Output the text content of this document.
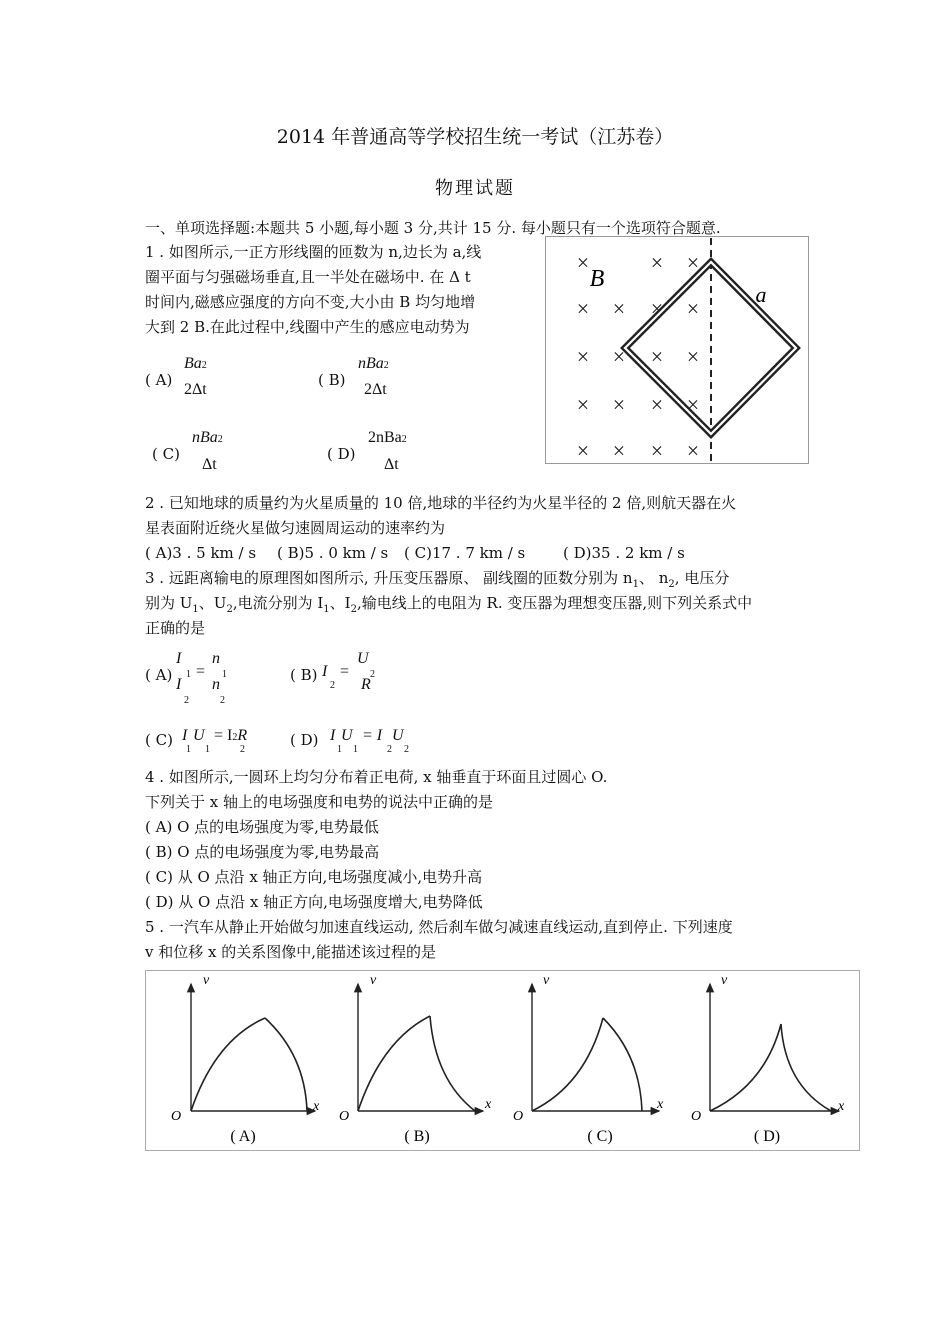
2014 年普通高等学校招生统一考试（江苏卷）
物理试题
一、单项选择题:本题共 5 小题,每小题 3 分,共计 15 分. 每小题只有一个选项符合题意.
1 . 如图所示,一正方形线圈的匝数为 n,边长为 a,线
圈平面与匀强磁场垂直,且一半处在磁场中. 在 Δ t
时间内,磁感应强度的方向不变,大小由 B 均匀地增
大到 2 B.在此过程中,线圈中产生的感应电动势为
( A)
Ba2
2Δt
( B)
nBa2
2Δt
( C)
nBa2
Δt
( D)
2nBa2
Δt
×	× ×
× × × ×
× × × ×
× × × ×
× × × ×
B
a
2 . 已知地球的质量约为火星质量的 10 倍,地球的半径约为火星半径的 2 倍,则航天器在火
星表面附近绕火星做匀速圆周运动的速率约为
( A)3 . 5 km / s ( B)5 . 0 km / s ( C)17 . 7 km / s	( D)35 . 2 km / s
3 . 远距离输电的原理图如图所示, 升压变压器原、 副线圈的匝数分别为 $n_1$、 $n_2$, 电压分
别为 $U_1$、$U_2$,电流分别为 $I_1$、$I_2$,输电线上的电阻为 R. 变压器为理想变压器,则下列关系式中
正确的是
( A)
I
1
I
2
=
n
1
n
2
( B) I
2
=
U
2
R
( C) I
1
U
1
= I2R
2
( D) I
1
U
1
= I
2
U
2
4 . 如图所示,一圆环上均匀分布着正电荷, x 轴垂直于环面且过圆心 O.
下列关于 x 轴上的电场强度和电势的说法中正确的是
( A) O 点的电场强度为零,电势最低
( B) O 点的电场强度为零,电势最高
( C) 从 O 点沿 x 轴正方向,电场强度减小,电势升高
( D) 从 O 点沿 x 轴正方向,电场强度增大,电势降低
5 . 一汽车从静止开始做匀加速直线运动, 然后刹车做匀减速直线运动,直到停止. 下列速度
v 和位移 x 的关系图像中,能描述该过程的是
v
x
O
( A)
v
x
O
( B)
v
x
O
( C)
v
x
O
( D)
